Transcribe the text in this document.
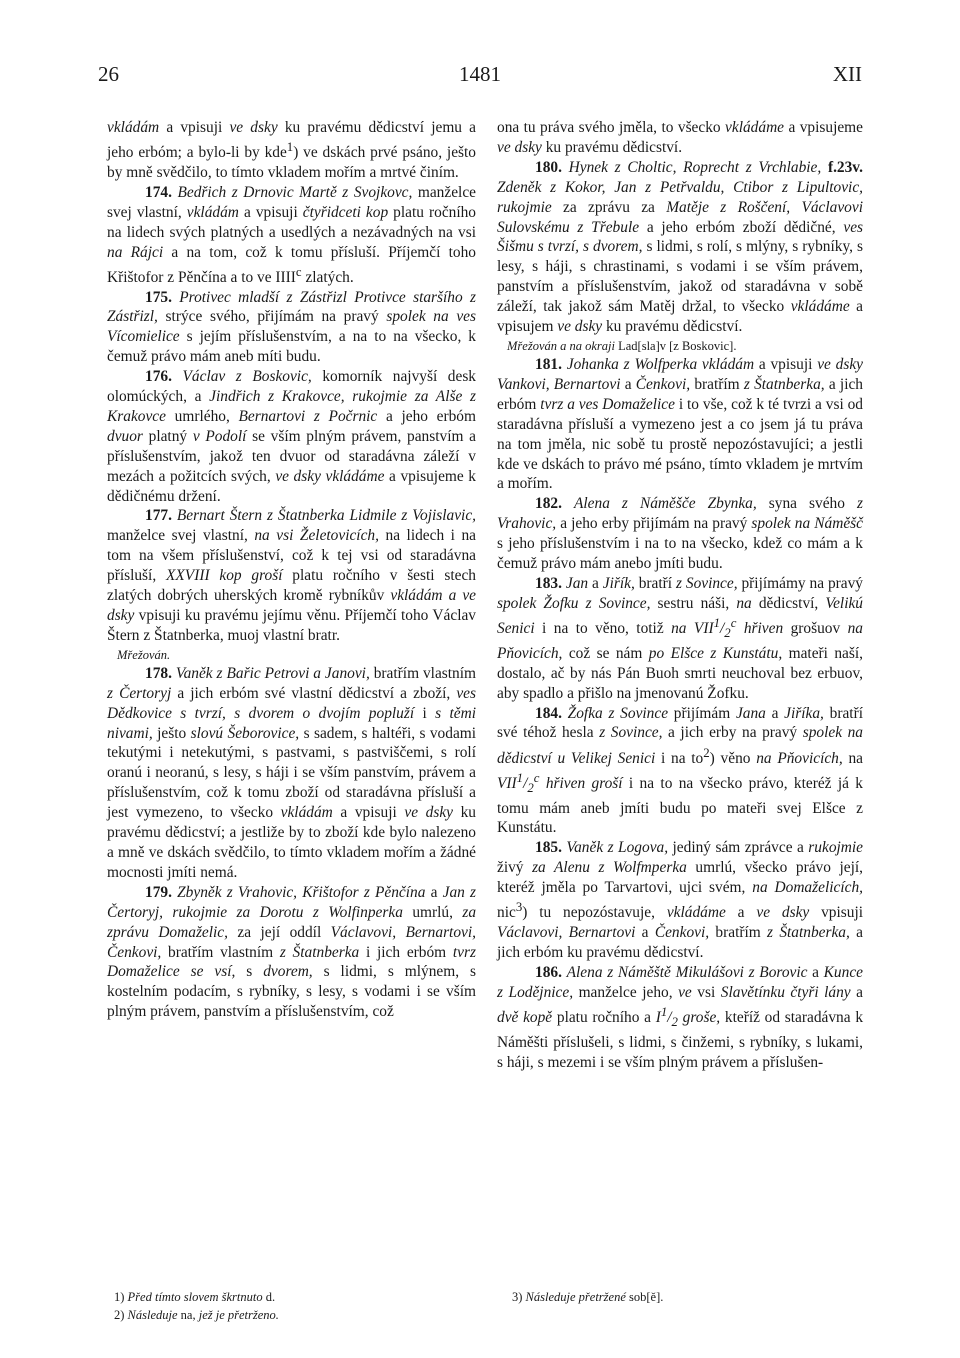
26	1481	XII

vkládám a vpisuji ve dsky ku pravému dědicství jemu a jeho erbóm; a bylo-li by kde$^1$) ve dskách prvé psáno, ješto by mně svědčilo, to tímto vkladem mořím a mrtvé činím.

174. Bedřich z Drnovic Martě z Svojkovc, manželce svej vlastní, vkládám a vpisuji čtyřidceti kop platu ročního na lidech svých platných a usedlých a nezávadných na vsi na Rájci a na tom, což k tomu přísluší. Příjemčí toho Křištofor z Pěnčína a to ve IIII$^c$ zlatých.

175. Protivec mladší z Zástřizl Protivce staršího z Zástřizl, strýce svého, přijímám na pravý spolek na ves Vícomielice s jejím příslušenstvím, a na to na všecko, k čemuž právo mám aneb míti budu.

176. Václav z Boskovic, komorník najvyší desk olomúckých, a Jindřich z Krakovce, rukojmie za Alše z Krakovce umrlého, Bernartovi z Počrnic a jeho erbóm dvuor platný v Podolí se vším plným právem, panstvím a příslušenstvím, jakož ten dvuor od staradávna záleží v mezách a požitcích svých, ve dsky vkládáme a vpisujeme k dědičnému držení.

177. Bernart Štern z Štatnberka Lidmile z Vojislavic, manželce svej vlastní, na vsi Želetovicích, na lidech i na tom na všem příslušenství, což k tej vsi od staradávna přísluší, XXVIII kop groší platu ročního v šesti stech zlatých dobrých uherských kromě rybníkův vkládám a ve dsky vpisuji ku pravému jejímu věnu. Příjemčí toho Václav Štern z Štatnberka, muoj vlastní bratr.

Mřežován.

178. Vaněk z Bařic Petrovi a Janovi, bratřím vlastním z Čertoryj a jich erbóm své vlastní dědicství a zboží, ves Dědkovice s tvrzí, s dvorem o dvojím popluží i s těmi nivami, ješto slovú Šeborovice, s sadem, s haltéři, s vodami tekutými i netekutými, s pastvami, s pastviščemi, s rolí oranú i neoranú, s lesy, s háji i se vším panstvím, právem a příslušenstvím, což k tomu zboží od staradávna přísluší a jest vymezeno, to všecko vkládám a vpisuji ve dsky ku pravému dědicství; a jestliže by to zboží kde bylo nalezeno a mně ve dskách svědčilo, to tímto vkladem mořím a žádné mocnosti jmíti nemá.

179. Zbyněk z Vrahovic, Křištofor z Pěnčína a Jan z Čertoryj, rukojmie za Dorotu z Wolfinperka umrlú, za zprávu Domaželic, za její oddíl Václavovi, Bernartovi, Čenkovi, bratřím vlastním z Štatnberka i jich erbóm tvrz Domaželice se vsí, s dvorem, s lidmi, s mlýnem, s kostelním podacím, s rybníky, s lesy, s vodami i se vším plným právem, panstvím a příslušenstvím, což

ona tu práva svého jměla, to všecko vkládáme a vpisujeme ve dsky ku pravému dědicství.

180. Hynek z Choltic, Roprecht z Vrchlabie, f.23v. Zdeněk z Kokor, Jan z Petřvaldu, Ctibor z Lipultovic, rukojmie za zprávu za Matěje z Roščení, Václavovi Sulovskému z Třebule a jeho erbóm zboží dědičné, ves Šišmu s tvrzí, s dvorem, s lidmi, s rolí, s mlýny, s rybníky, s lesy, s háji, s chrastinami, s vodami i se vším právem, panstvím a příslušenstvím, jakož od staradávna v sobě záleží, tak jakož sám Matěj držal, to všecko vkládáme a vpisujem ve dsky ku pravému dědicství.

Mřežován a na okraji Lad[sla]v [z Boskovic].

181. Johanka z Wolfperka vkládám a vpisuji ve dsky Vankovi, Bernartovi a Čenkovi, bratřím z Štatnberka, a jich erbóm tvrz a ves Domaželice i to vše, což k té tvrzi a vsi od staradávna přísluší a vymezeno jest a co jsem já tu práva na tom jměla, nic sobě tu prostě nepozóstavujíci; a jestli kde ve dskách to právo mé psáno, tímto vkladem je mrtvím a mořím.

182. Alena z Náměšče Zbynka, syna svého z Vrahovic, a jeho erby přijímám na pravý spolek na Náměšč s jeho příslušenstvím i na to na všecko, kdež co mám a k čemuž právo mám anebo jmíti budu.

183. Jan a Jiřík, bratří z Sovince, přijímámy na pravý spolek Žofku z Sovince, sestru náši, na dědicství, Velikú Senici i na to věno, totiž na $VII^1/_2^c$ hřiven grošuov na Pňovicích, což se nám po Elšce z Kunstátu, mateři naší, dostalo, ač by nás Pán Buoh smrti neuchoval bez erbuov, aby spadlo a přišlo na jmenovanú Žofku.

184. Žofka z Sovince přijímám Jana a Jiříka, bratří své téhož hesla z Sovince, a jich erby na pravý spolek na dědicství u Velikej Senici i na $to^2$) věno na Pňovicích, na $VII^1/_2^c$ hřiven groší i na to na všecko právo, kteréž já k tomu mám aneb jmíti budu po mateři svej Elšce z Kunstátu.

185. Vaněk z Logova, jediný sám zprávce a rukojmie živý za Alenu z Wolfmperka umrlú, všecko právo její, kteréž jměla po Tarvartovi, ujci svém, na Domaželicích, nic$^3$) tu nepozóstavuje, vkládáme a ve dsky vpisuji Václavovi, Bernartovi a Čenkovi, bratřím z Štatnberka, a jich erbóm ku pravému dědicství.

186. Alena z Náměště Mikulášovi z Borovic a Kunce z Lodějnice, manželce jeho, ve vsi Slavětínku čtyři lány a dvě kopě platu ročního a $I^1/_2$ groše, kteříž od staradávna k Náměšti příslušeli, s lidmi, s činžemi, s rybníky, s lukami, s háji, s mezemi i se vším plným právem a příslušen-

1) Před tímto slovem škrtnuto d.
2) Následuje na, jež je přetrženo.
3) Následuje přetržené sob[ě].
